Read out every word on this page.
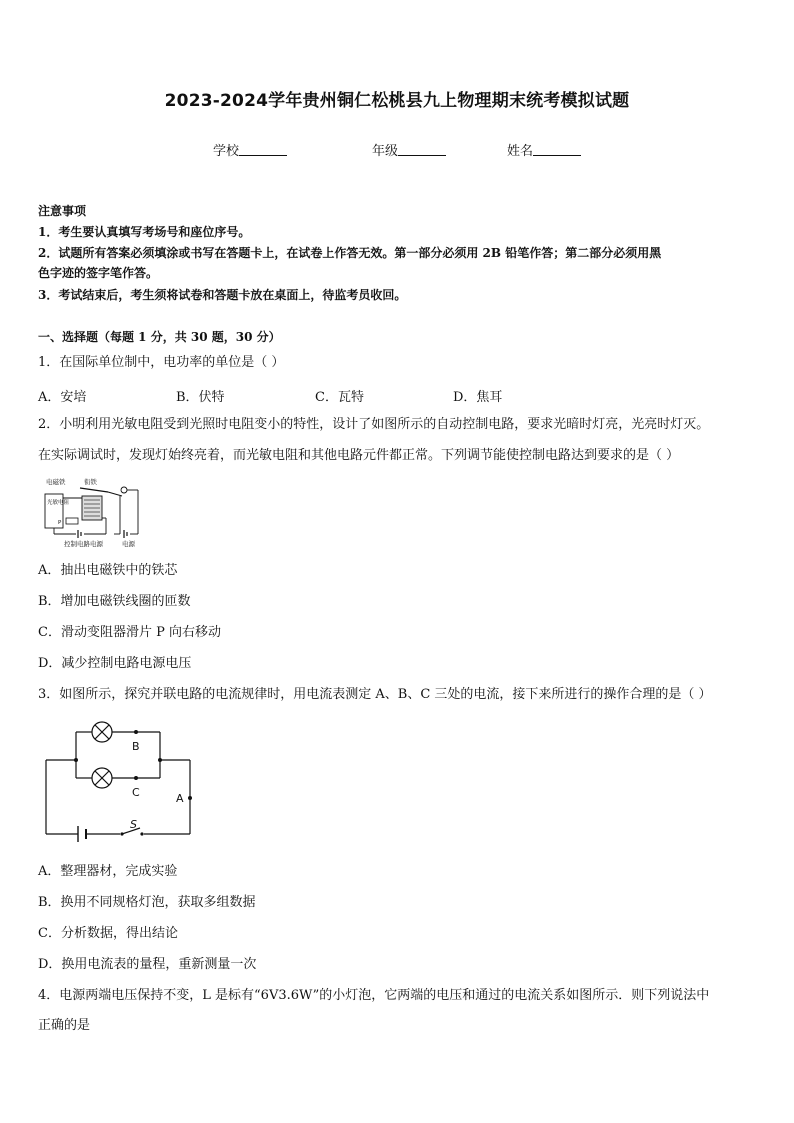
2023-2024学年贵州铜仁松桃县九上物理期末统考模拟试题
学校	年级	姓名
注意事项
1．考生要认真填写考场号和座位序号。
2．试题所有答案必须填涂或书写在答题卡上，在试卷上作答无效。第一部分必须用 2B 铅笔作答；第二部分必须用黑
色字迹的签字笔作答。
3．考试结束后，考生须将试卷和答题卡放在桌面上，待监考员收回。
一、选择题（每题 1 分，共 30 题，30 分）
1．在国际单位制中，电功率的单位是（ ）
A．安培	B．伏特	C．瓦特	D．焦耳
2．小明利用光敏电阻受到光照时电阻变小的特性，设计了如图所示的自动控制电路，要求光暗时灯亮，光亮时灯灭。
在实际调试时，发现灯始终亮着，而光敏电阻和其他电路元件都正常。下列调节能使控制电路达到要求的是（ ）
电磁铁	衔铁
光敏电阻
P
控制电路电源	电源
A．抽出电磁铁中的铁芯
B．增加电磁铁线圈的匝数
C．滑动变阻器滑片 P 向右移动
D．减少控制电路电源电压
3．如图所示，探究并联电路的电流规律时，用电流表测定 A、B、C 三处的电流，接下来所进行的操作合理的是（ ）
S
B
C	A
A．整理器材，完成实验
B．换用不同规格灯泡，获取多组数据
C．分析数据，得出结论
D．换用电流表的量程，重新测量一次
4．电源两端电压保持不变，L 是标有“6V3.6W”的小灯泡，它两端的电压和通过的电流关系如图所示．则下列说法中
正确的是
